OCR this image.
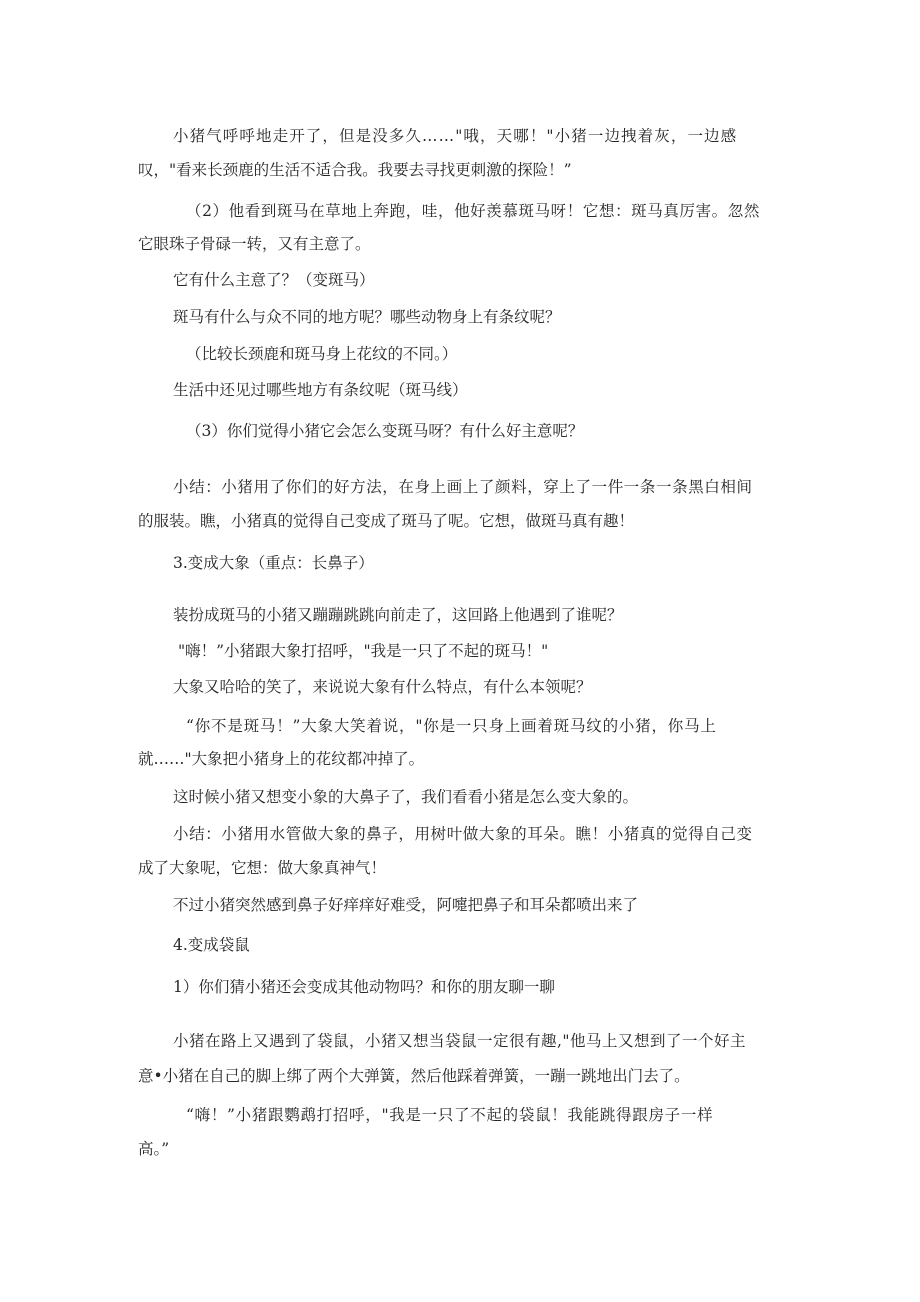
小猪气呼呼地走开了，但是没多久……"哦，天哪！"小猪一边拽着灰，一边感
叹，"看来长颈鹿的生活不适合我。我要去寻找更刺激的探险！”
（2）他看到斑马在草地上奔跑，哇，他好羡慕斑马呀！它想：斑马真厉害。忽然
它眼珠子骨碌一转，又有主意了。
它有什么主意了？（变斑马）
斑马有什么与众不同的地方呢？哪些动物身上有条纹呢？
（比较长颈鹿和斑马身上花纹的不同。）
生活中还见过哪些地方有条纹呢（斑马线）
（3）你们觉得小猪它会怎么变斑马呀？有什么好主意呢？
小结：小猪用了你们的好方法，在身上画上了颜料，穿上了一件一条一条黑白相间
的服装。瞧，小猪真的觉得自己变成了斑马了呢。它想，做斑马真有趣！
3.变成大象（重点：长鼻子）
装扮成斑马的小猪又蹦蹦跳跳向前走了，这回路上他遇到了谁呢？
"嗨！”小猪跟大象打招呼，"我是一只了不起的斑马！"
大象又哈哈的笑了，来说说大象有什么特点，有什么本领呢？
“你不是斑马！”大象大笑着说，"你是一只身上画着斑马纹的小猪，你马上
就……"大象把小猪身上的花纹都冲掉了。
这时候小猪又想变小象的大鼻子了，我们看看小猪是怎么变大象的。
小结：小猪用水管做大象的鼻子，用树叶做大象的耳朵。瞧！小猪真的觉得自己变
成了大象呢，它想：做大象真神气！
不过小猪突然感到鼻子好痒痒好难受，阿嚏把鼻子和耳朵都喷出来了
4.变成袋鼠
1）你们猜小猪还会变成其他动物吗？和你的朋友聊一聊
小猪在路上又遇到了袋鼠，小猪又想当袋鼠一定很有趣,"他马上又想到了一个好主
意•小猪在自己的脚上绑了两个大弹簧，然后他踩着弹簧，一蹦一跳地出门去了。
“嗨！”小猪跟鹦鹉打招呼，"我是一只了不起的袋鼠！我能跳得跟房子一样
高。”
